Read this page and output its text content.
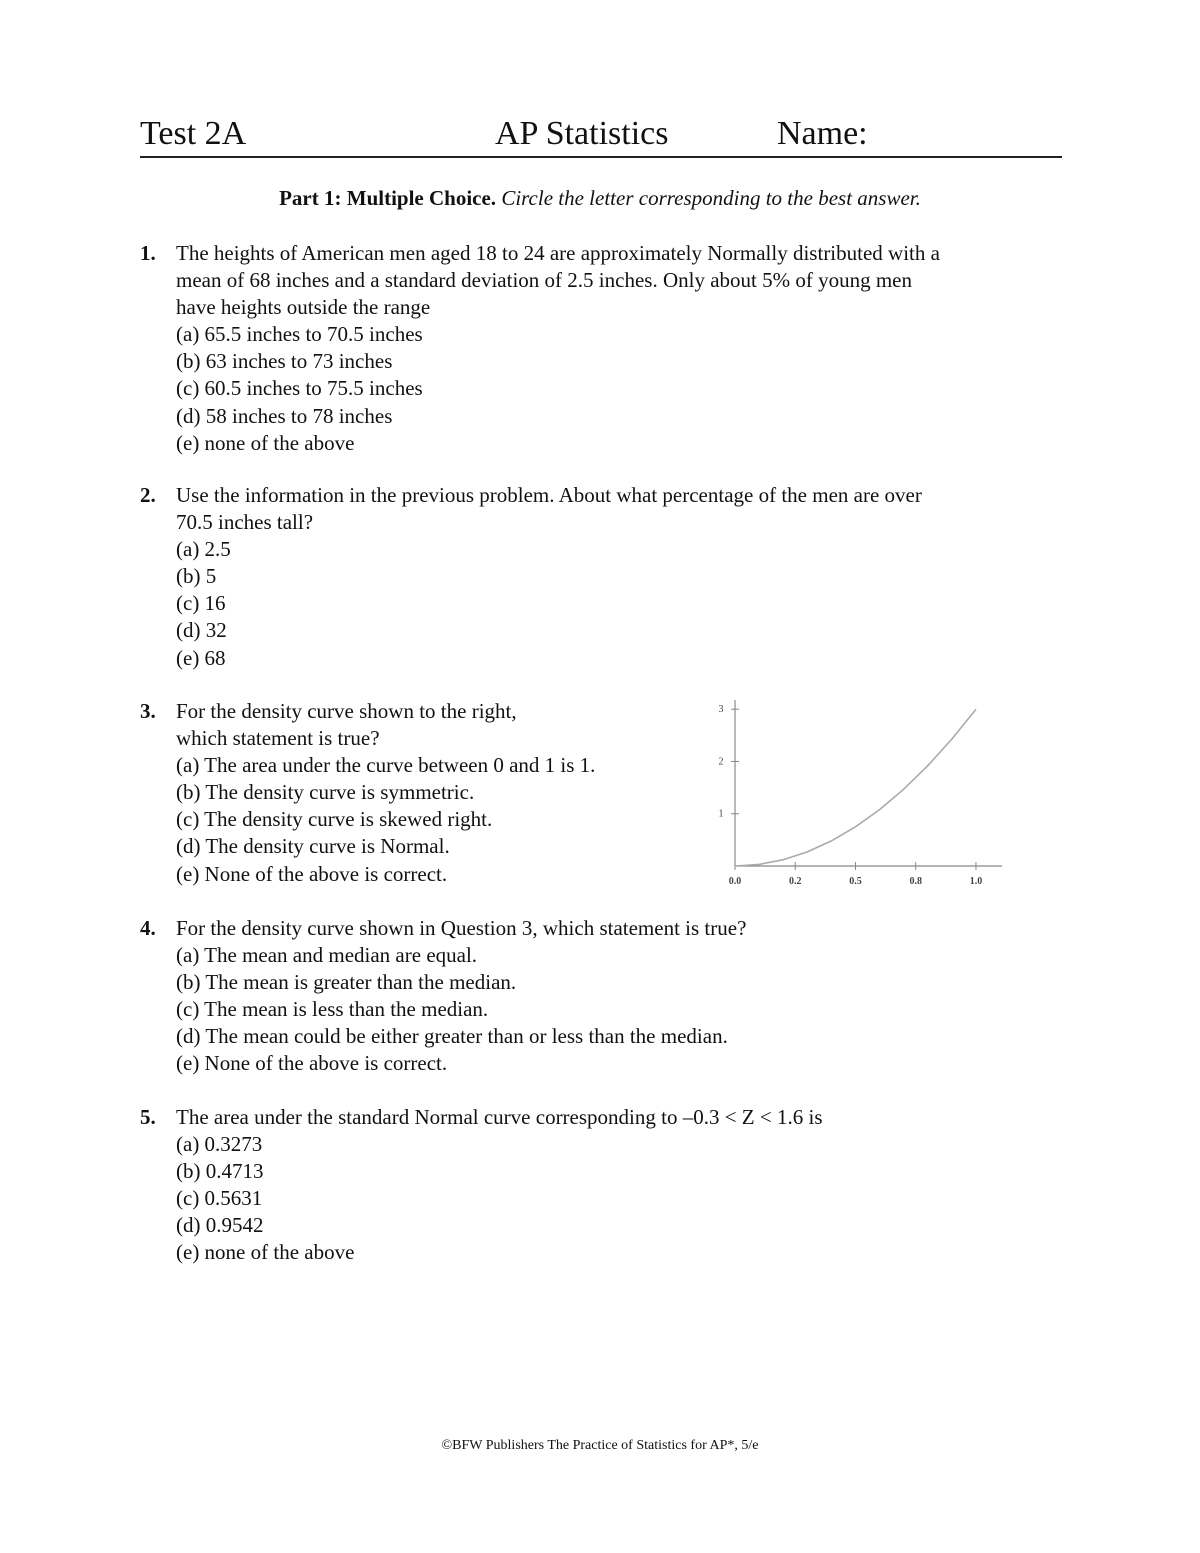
Test 2A	AP Statistics	Name:
Part 1: Multiple Choice. Circle the letter corresponding to the best answer.
1. The heights of American men aged 18 to 24 are approximately Normally distributed with a
mean of 68 inches and a standard deviation of 2.5 inches. Only about 5% of young men
have heights outside the range
(a) 65.5 inches to 70.5 inches
(b) 63 inches to 73 inches
(c) 60.5 inches to 75.5 inches
(d) 58 inches to 78 inches
(e) none of the above
2. Use the information in the previous problem. About what percentage of the men are over
70.5 inches tall?
(a) 2.5
(b) 5
(c) 16
(d) 32
(e) 68
3. For the density curve shown to the right,
which statement is true?
(a) The area under the curve between 0 and 1 is 1.
(b) The density curve is symmetric.
(c) The density curve is skewed right.
(d) The density curve is Normal.
(e) None of the above is correct.
4. For the density curve shown in Question 3, which statement is true?
(a) The mean and median are equal.
(b) The mean is greater than the median.
(c) The mean is less than the median.
(d) The mean could be either greater than or less than the median.
(e) None of the above is correct.
5. The area under the standard Normal curve corresponding to –0.3 < Z < 1.6 is
(a) 0.3273
(b) 0.4713
(c) 0.5631
(d) 0.9542
(e) none of the above
0.0	0.2	0.5	0.8	1.0
1
2
3
©BFW Publishers The Practice of Statistics for AP*, 5/e
